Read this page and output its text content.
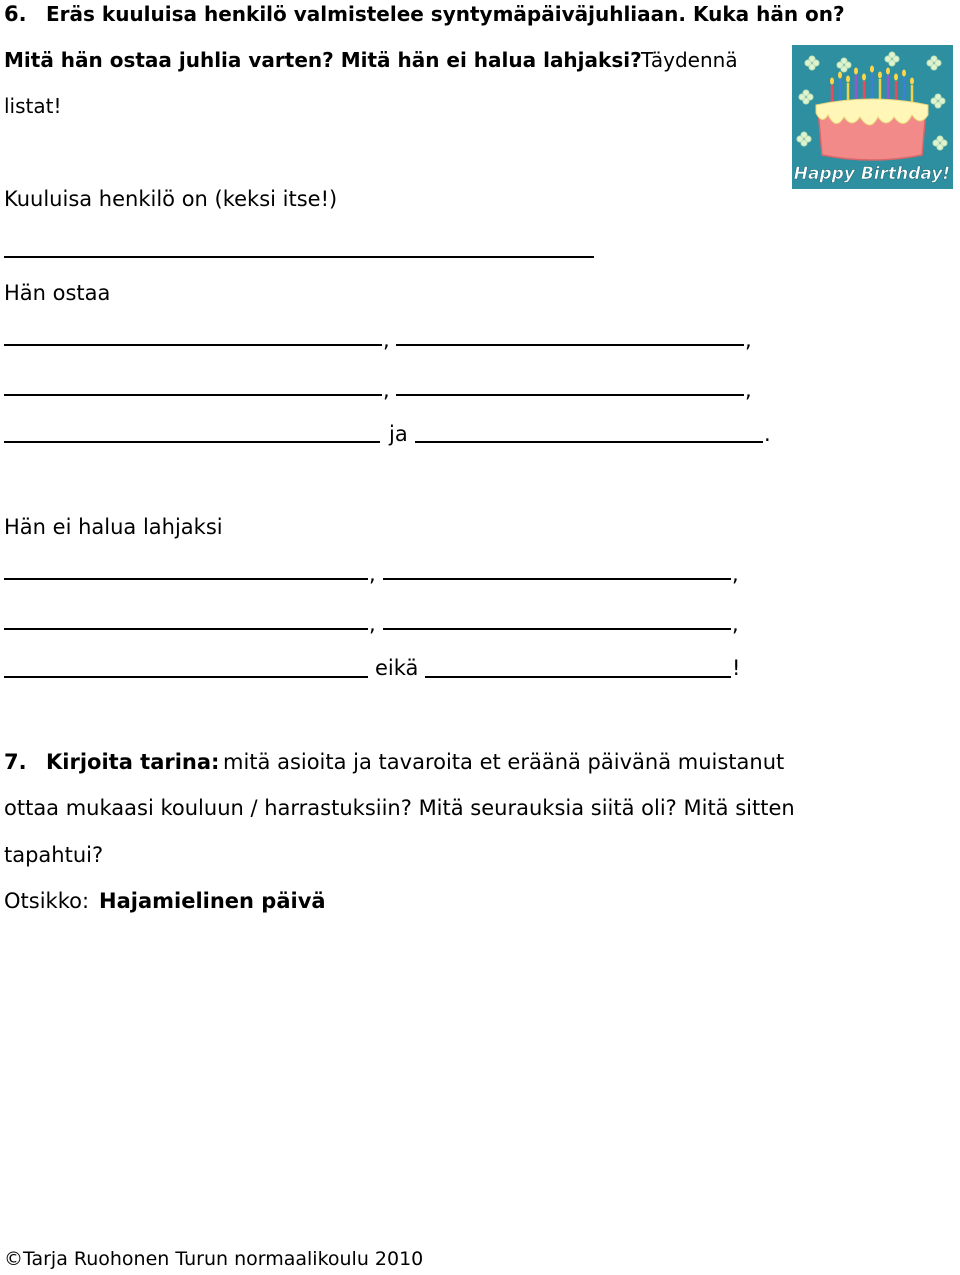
6. Eräs kuuluisa henkilö valmistelee syntymäpäiväjuhliaan. Kuka hän on?
Mitä hän ostaa juhlia varten? Mitä hän ei halua lahjaksi? Täydennä
listat!
Kuuluisa henkilö on (keksi itse!)
Hän ostaa
,	,
,	,
ja	.
Hän ei halua lahjaksi
,	,
,	,
eikä	!
Happy Birthday!
7. Kirjoita tarina: mitä asioita ja tavaroita et eräänä päivänä muistanut
ottaa mukaasi kouluun / harrastuksiin? Mitä seurauksia siitä oli? Mitä sitten
tapahtui?
Otsikko: Hajamielinen päivä
©Tarja Ruohonen Turun normaalikoulu 2010
